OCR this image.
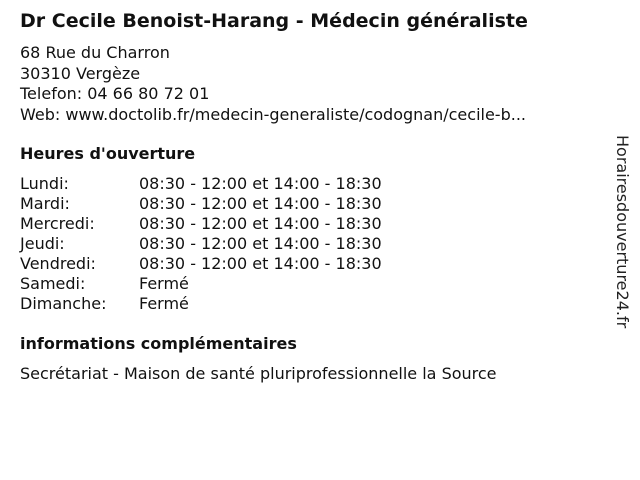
Dr Cecile Benoist-Harang - Médecin généraliste
68 Rue du Charron
30310 Vergèze
Telefon: 04 66 80 72 01
Web: www.doctolib.fr/medecin-generaliste/codognan/cecile-b...
Heures d'ouverture
Lundi:	08:30 - 12:00 et 14:00 - 18:30
Mardi:	08:30 - 12:00 et 14:00 - 18:30
Mercredi:	08:30 - 12:00 et 14:00 - 18:30
Jeudi:	08:30 - 12:00 et 14:00 - 18:30
Vendredi:	08:30 - 12:00 et 14:00 - 18:30
Samedi:	Fermé
Dimanche: Fermé
informations complémentaires
Secrétariat - Maison de santé pluriprofessionnelle la Source
Horairesdouverture24.fr
